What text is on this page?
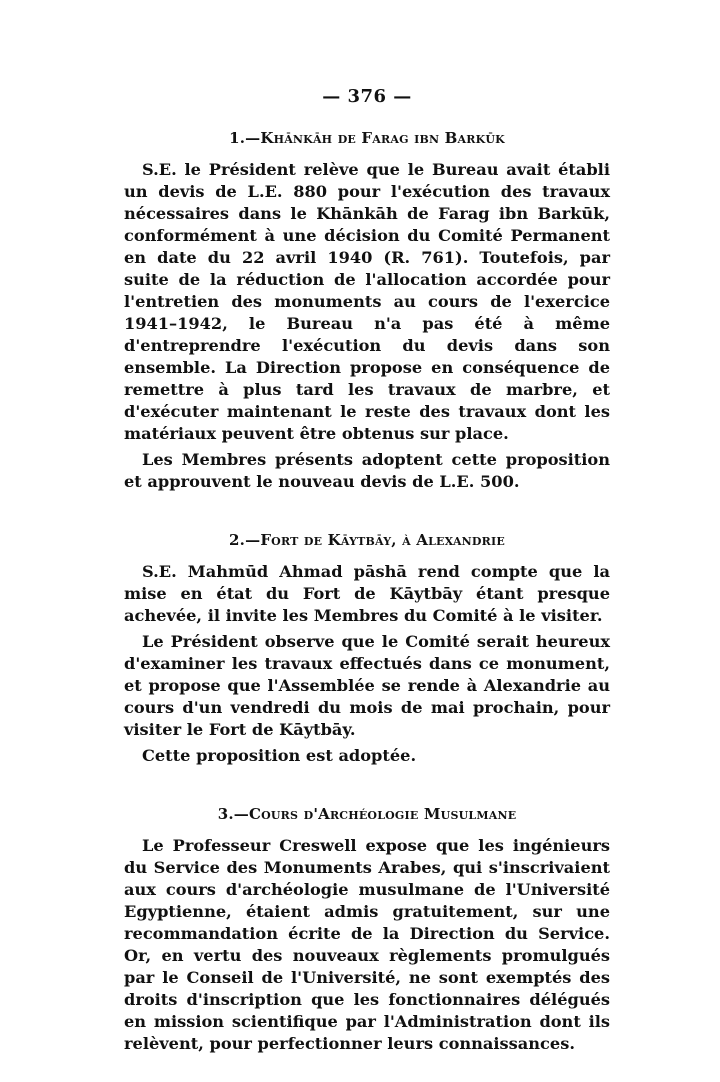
— 376 —
1.—Khānkāh de Farag ibn Barkūk

S.E. le Président relève que le Bureau avait établi un devis de L.E. 880 pour l'exécution des travaux nécessaires dans le Khānkāh de Farag ibn Barkūk, conformément à une décision du Comité Permanent en date du 22 avril 1940 (R. 761). Toutefois, par suite de la réduction de l'allocation accordée pour l'entretien des monuments au cours de l'exercice 1941–1942, le Bureau n'a pas été à même d'entreprendre l'exécution du devis dans son ensemble. La Direction propose en conséquence de remettre à plus tard les travaux de marbre, et d'exécuter maintenant le reste des travaux dont les matériaux peuvent être obtenus sur place.

Les Membres présents adoptent cette proposition et approuvent le nouveau devis de L.E. 500.

2.—Fort de Kāytbāy, à Alexandrie

S.E. Mahmūd Ahmad pāshā rend compte que la mise en état du Fort de Kāytbāy étant presque achevée, il invite les Membres du Comité à le visiter.

Le Président observe que le Comité serait heureux d'examiner les travaux effectués dans ce monument, et propose que l'Assemblée se rende à Alexandrie au cours d'un vendredi du mois de mai prochain, pour visiter le Fort de Kāytbāy.

Cette proposition est adoptée.

3.—Cours d'Archéologie Musulmane

Le Professeur Creswell expose que les ingénieurs du Service des Monuments Arabes, qui s'inscrivaient aux cours d'archéologie musulmane de l'Université Egyptienne, étaient admis gratuitement, sur une recommandation écrite de la Direction du Service. Or, en vertu des nouveaux règlements promulgués par le Conseil de l'Université, ne sont exemptés des droits d'inscription que les fonctionnaires délégués en mission scientifique par l'Administration dont ils relèvent, pour perfectionner leurs connaissances.
